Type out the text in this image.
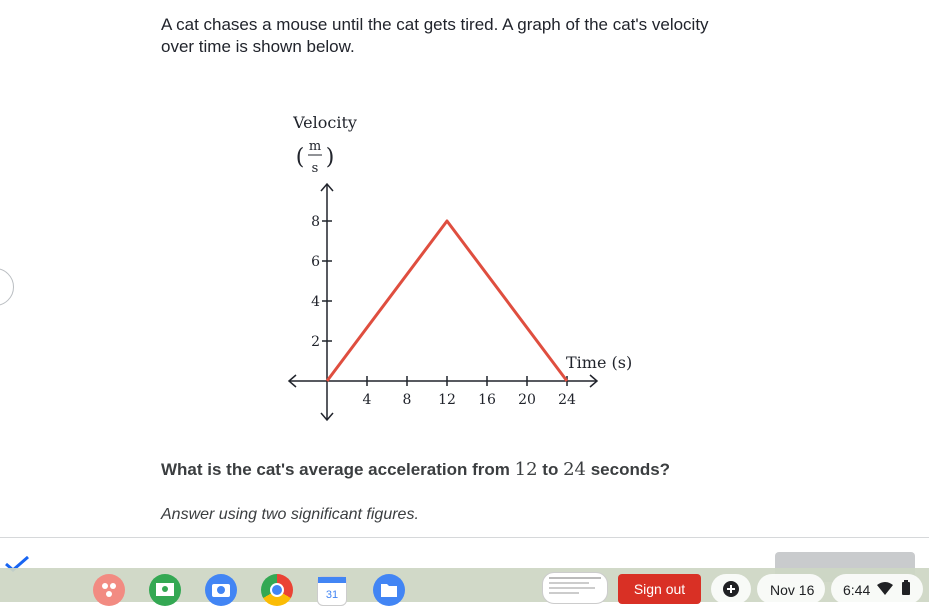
A cat chases a mouse until the cat gets tired. A graph of the cat's velocity
over time is shown below.
Velocity
( m
s )
Time (s)
4 8 12 16 20 24
2
4
6
8
What is the cat's average acceleration from 12 to 24 seconds?
Answer using two significant figures.
31	Sign out	Nov 16 6:44
